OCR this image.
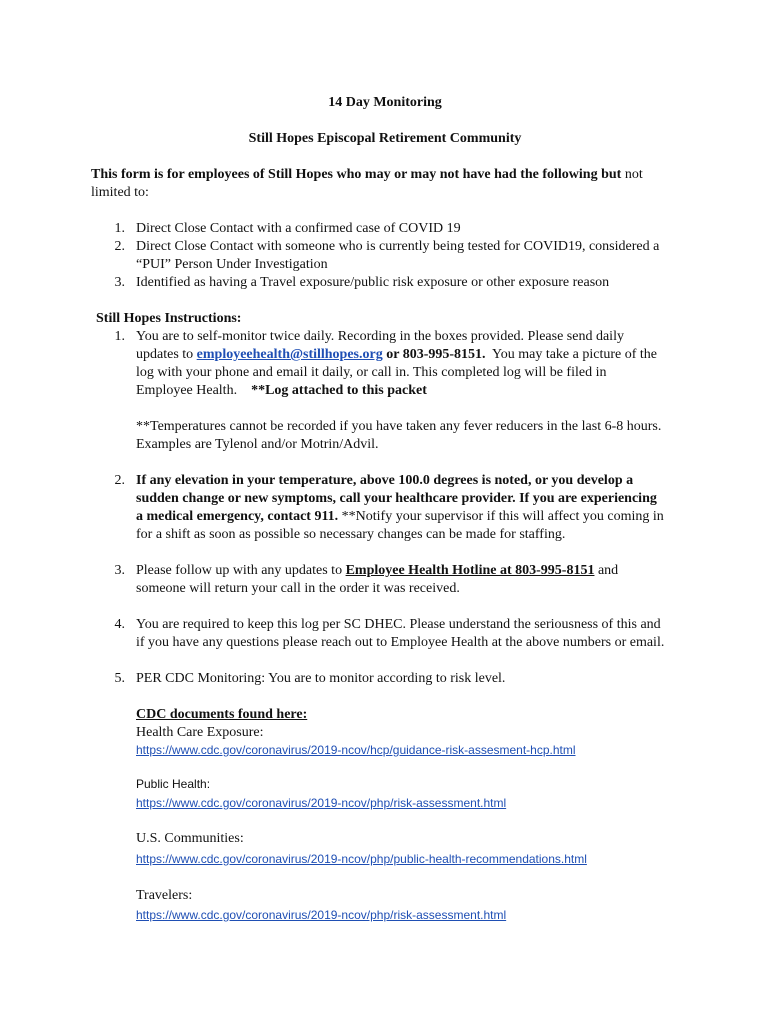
14 Day Monitoring
Still Hopes Episcopal Retirement Community
This form is for employees of Still Hopes who may or may not have had the following but not
limited to:
1. Direct Close Contact with a confirmed case of COVID 19
2. Direct Close Contact with someone who is currently being tested for COVID19, considered a
“PUI” Person Under Investigation
3. Identified as having a Travel exposure/public risk exposure or other exposure reason
Still Hopes Instructions:
1. You are to self-monitor twice daily. Recording in the boxes provided. Please send daily
updates to employeehealth@stillhopes.org or 803-995-8151. You may take a picture of the
log with your phone and email it daily, or call in. This completed log will be filed in
Employee Health. **Log attached to this packet
**Temperatures cannot be recorded if you have taken any fever reducers in the last 6-8 hours.
Examples are Tylenol and/or Motrin/Advil.
2. If any elevation in your temperature, above 100.0 degrees is noted, or you develop a
sudden change or new symptoms, call your healthcare provider. If you are experiencing
a medical emergency, contact 911. **Notify your supervisor if this will affect you coming in
for a shift as soon as possible so necessary changes can be made for staffing.
3. Please follow up with any updates to Employee Health Hotline at 803-995-8151 and
someone will return your call in the order it was received.
4. You are required to keep this log per SC DHEC. Please understand the seriousness of this and
if you have any questions please reach out to Employee Health at the above numbers or email.
5. PER CDC Monitoring: You are to monitor according to risk level.
CDC documents found here:
Health Care Exposure:
https://www.cdc.gov/coronavirus/2019-ncov/hcp/guidance-risk-assesment-hcp.html
Public Health:
https://www.cdc.gov/coronavirus/2019-ncov/php/risk-assessment.html
U.S. Communities:
https://www.cdc.gov/coronavirus/2019-ncov/php/public-health-recommendations.html
Travelers:
https://www.cdc.gov/coronavirus/2019-ncov/php/risk-assessment.html
